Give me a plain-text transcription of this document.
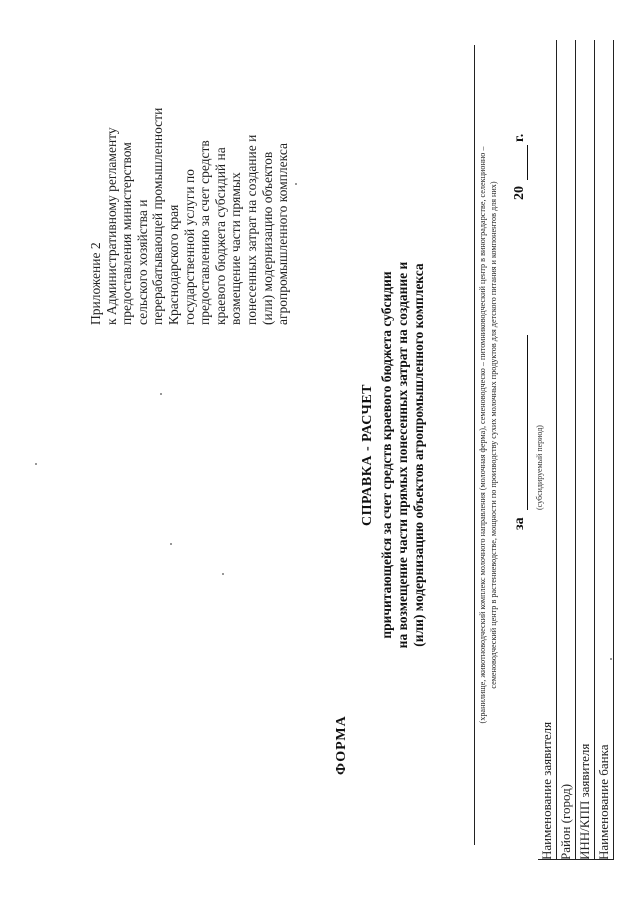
Приложение 2 к Административному регламенту предоставления министерством сельского хозяйства и перерабатывающей промышленности Краснодарского края государственной услуги по предоставлению за счет средств краевого бюджета субсидий на возмещение части прямых понесенных затрат на создание и (или) модернизацию объектов агропромышленного комплекса
ФОРМА
СПРАВКА - РАСЧЕТ причитающейся за счет средств краевого бюджета субсидии на возмещение части прямых понесенных затрат на создание и (или) модернизацию объектов агропромышленного комплекса	за
20
г.
(субсидируемый период)
(хранилище, животноводческий комплекс молочного направления (молочная ферма), семеноводческо – питомниководческий центр в виноградарстве, селекционно – семеноводческий центр в растениеводстве, мощности по производству сухих молочных продуктов для детского питания и компонентов для них)
Наименование заявителя Район (город) ИНН/КПП заявителя Наименование банка
